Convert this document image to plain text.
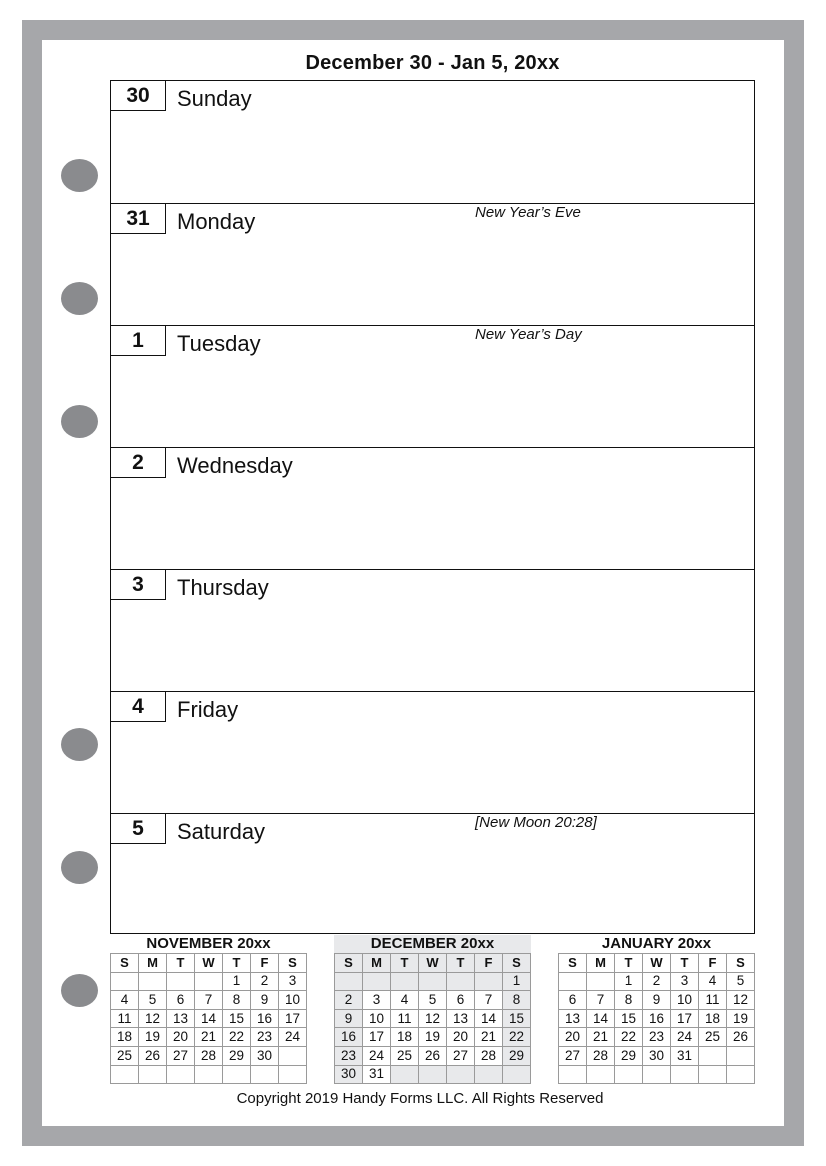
December 30 - Jan 5, 20xx
30	Sunday
31	Monday	New Year’s Eve
1	Tuesday	New Year’s Day
2	Wednesday
3	Thursday
4	Friday
5	Saturday	[New Moon 20:28]
NOVEMBER 20xx
S	M	T	W	T	F	S
				1	2	3
4	5	6	7	8	9	10
11	12	13	14	15	16	17
18	19	20	21	22	23	24
25	26	27	28	29	30	

DECEMBER 20xx
S	M	T	W	T	F	S
						1
2	3	4	5	6	7	8
9	10	11	12	13	14	15
16	17	18	19	20	21	22
23	24	25	26	27	28	29
30	31					
JANUARY 20xx
S	M	T	W	T	F	S
		1	2	3	4	5
6	7	8	9	10	11	12
13	14	15	16	17	18	19
20	21	22	23	24	25	26
27	28	29	30	31		

Copyright 2019 Handy Forms LLC. All Rights Reserved
